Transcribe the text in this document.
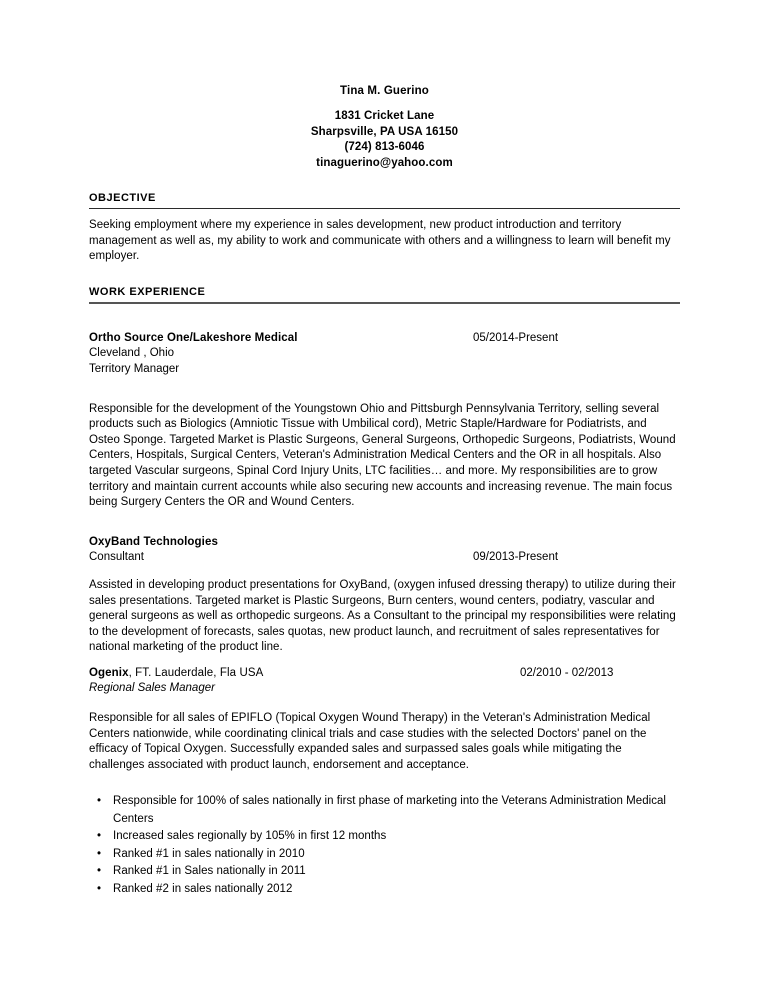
Tina M. Guerino
1831 Cricket Lane
Sharpsville, PA USA 16150
(724) 813-6046
tinaguerino@yahoo.com
OBJECTIVE

Seeking employment where my experience in sales development, new product introduction and territory management as well as, my ability to work and communicate with others and a willingness to learn will benefit my employer.

WORK EXPERIENCE
Ortho Source One/Lakeshore Medical	05/2014-Present
Cleveland , Ohio
Territory Manager

Responsible for the development of the Youngstown Ohio and Pittsburgh Pennsylvania Territory, selling several products such as Biologics (Amniotic Tissue with Umbilical cord), Metric Staple/Hardware for Podiatrists, and Osteo Sponge. Targeted Market is Plastic Surgeons, General Surgeons, Orthopedic Surgeons, Podiatrists, Wound Centers, Hospitals, Surgical Centers, Veteran's Administration Medical Centers and the OR in all hospitals. Also targeted Vascular surgeons, Spinal Cord Injury Units, LTC facilities… and more. My responsibilities are to grow territory and maintain current accounts while also securing new accounts and increasing revenue. The main focus being Surgery Centers the OR and Wound Centers.

OxyBand Technologies
Consultant	09/2013-Present

Assisted in developing product presentations for OxyBand, (oxygen infused dressing therapy) to utilize during their sales presentations. Targeted market is Plastic Surgeons, Burn centers, wound centers, podiatry, vascular and general surgeons as well as orthopedic surgeons. As a Consultant to the principal my responsibilities were relating to the development of forecasts, sales quotas, new product launch, and recruitment of sales representatives for national marketing of the product line.

Ogenix, FT. Lauderdale, Fla USA	02/2010 - 02/2013
Regional Sales Manager

Responsible for all sales of EPIFLO (Topical Oxygen Wound Therapy) in the Veteran's Administration Medical Centers nationwide, while coordinating clinical trials and case studies with the selected Doctors' panel on the efficacy of Topical Oxygen. Successfully expanded sales and surpassed sales goals while mitigating the challenges associated with product launch, endorsement and acceptance.

• Responsible for 100% of sales nationally in first phase of marketing into the Veterans Administration Medical Centers
• Increased sales regionally by 105% in first 12 months
• Ranked #1 in sales nationally in 2010
• Ranked #1 in Sales nationally in 2011
• Ranked #2 in sales nationally 2012
